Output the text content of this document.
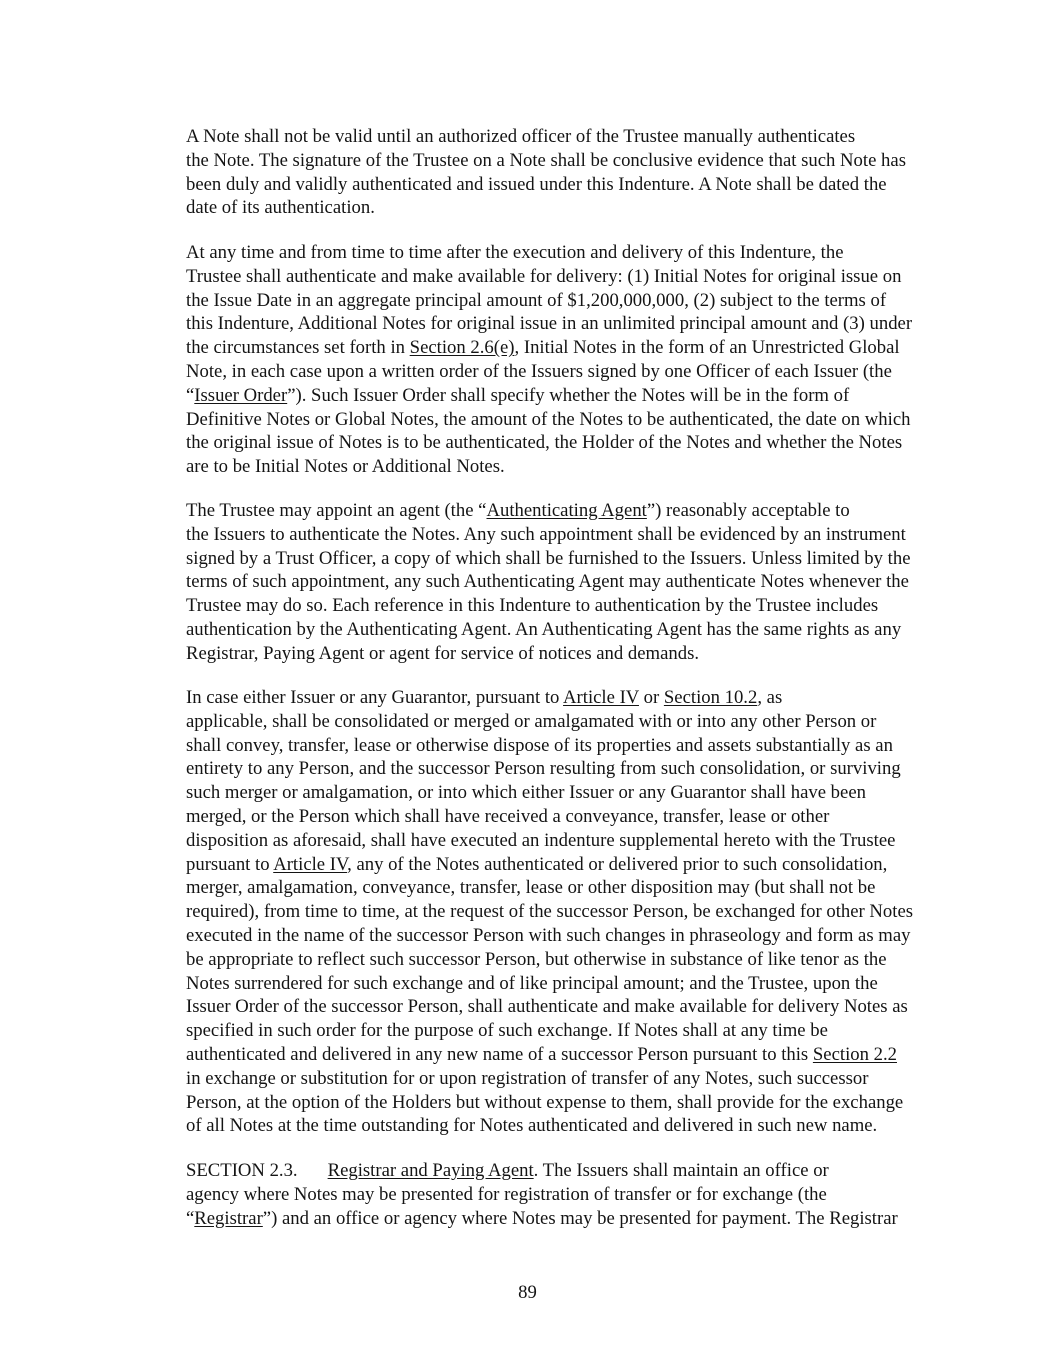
A Note shall not be valid until an authorized officer of the Trustee manually authenticates
the Note. The signature of the Trustee on a Note shall be conclusive evidence that such Note has
been duly and validly authenticated and issued under this Indenture. A Note shall be dated the
date of its authentication.

At any time and from time to time after the execution and delivery of this Indenture, the
Trustee shall authenticate and make available for delivery: (1) Initial Notes for original issue on
the Issue Date in an aggregate principal amount of $1,200,000,000, (2) subject to the terms of
this Indenture, Additional Notes for original issue in an unlimited principal amount and (3) under
the circumstances set forth in Section 2.6(e), Initial Notes in the form of an Unrestricted Global
Note, in each case upon a written order of the Issuers signed by one Officer of each Issuer (the
“Issuer Order”). Such Issuer Order shall specify whether the Notes will be in the form of
Definitive Notes or Global Notes, the amount of the Notes to be authenticated, the date on which
the original issue of Notes is to be authenticated, the Holder of the Notes and whether the Notes
are to be Initial Notes or Additional Notes.

The Trustee may appoint an agent (the “Authenticating Agent”) reasonably acceptable to
the Issuers to authenticate the Notes. Any such appointment shall be evidenced by an instrument
signed by a Trust Officer, a copy of which shall be furnished to the Issuers. Unless limited by the
terms of such appointment, any such Authenticating Agent may authenticate Notes whenever the
Trustee may do so. Each reference in this Indenture to authentication by the Trustee includes
authentication by the Authenticating Agent. An Authenticating Agent has the same rights as any
Registrar, Paying Agent or agent for service of notices and demands.

In case either Issuer or any Guarantor, pursuant to Article IV or Section 10.2, as
applicable, shall be consolidated or merged or amalgamated with or into any other Person or
shall convey, transfer, lease or otherwise dispose of its properties and assets substantially as an
entirety to any Person, and the successor Person resulting from such consolidation, or surviving
such merger or amalgamation, or into which either Issuer or any Guarantor shall have been
merged, or the Person which shall have received a conveyance, transfer, lease or other
disposition as aforesaid, shall have executed an indenture supplemental hereto with the Trustee
pursuant to Article IV, any of the Notes authenticated or delivered prior to such consolidation,
merger, amalgamation, conveyance, transfer, lease or other disposition may (but shall not be
required), from time to time, at the request of the successor Person, be exchanged for other Notes
executed in the name of the successor Person with such changes in phraseology and form as may
be appropriate to reflect such successor Person, but otherwise in substance of like tenor as the
Notes surrendered for such exchange and of like principal amount; and the Trustee, upon the
Issuer Order of the successor Person, shall authenticate and make available for delivery Notes as
specified in such order for the purpose of such exchange. If Notes shall at any time be
authenticated and delivered in any new name of a successor Person pursuant to this Section 2.2
in exchange or substitution for or upon registration of transfer of any Notes, such successor
Person, at the option of the Holders but without expense to them, shall provide for the exchange
of all Notes at the time outstanding for Notes authenticated and delivered in such new name.

SECTION 2.3. Registrar and Paying Agent. The Issuers shall maintain an office or
agency where Notes may be presented for registration of transfer or for exchange (the
“Registrar”) and an office or agency where Notes may be presented for payment. The Registrar

89
